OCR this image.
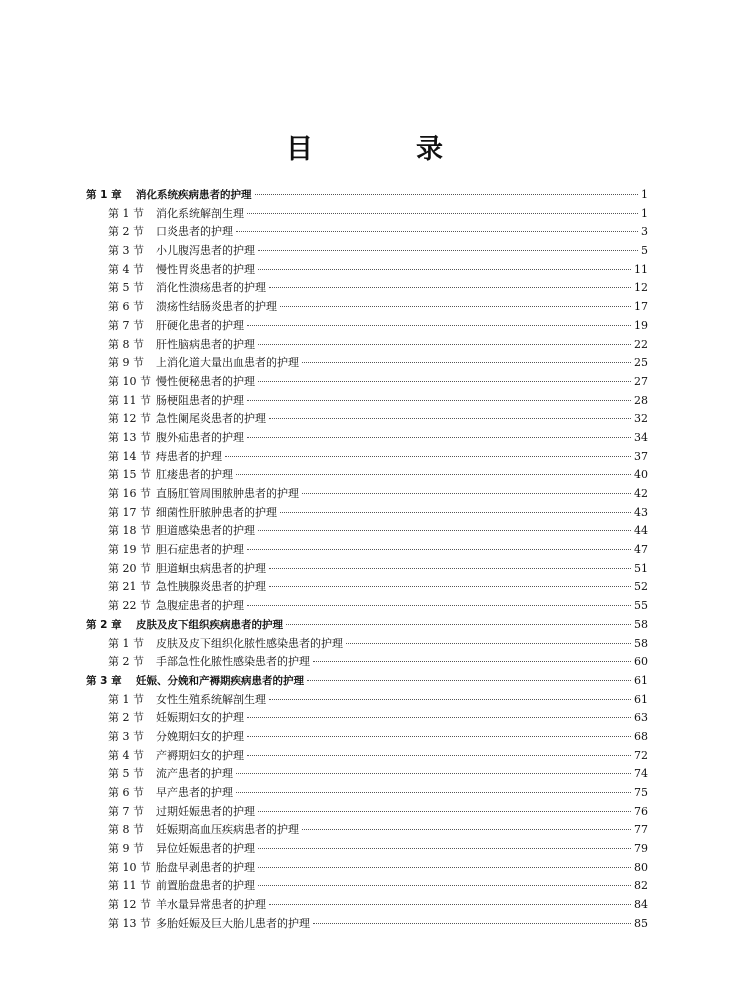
目　录
第 1 章	消化系统疾病患者的护理	1
第 1 节	消化系统解剖生理	1
第 2 节	口炎患者的护理	3
第 3 节	小儿腹泻患者的护理	5
第 4 节	慢性胃炎患者的护理	11
第 5 节	消化性溃疡患者的护理	12
第 6 节	溃疡性结肠炎患者的护理	17
第 7 节	肝硬化患者的护理	19
第 8 节	肝性脑病患者的护理	22
第 9 节	上消化道大量出血患者的护理	25
第 10 节 慢性便秘患者的护理	27
第 11 节 肠梗阻患者的护理	28
第 12 节 急性阑尾炎患者的护理	32
第 13 节 腹外疝患者的护理	34
第 14 节 痔患者的护理	37
第 15 节 肛瘘患者的护理	40
第 16 节 直肠肛管周围脓肿患者的护理	42
第 17 节 细菌性肝脓肿患者的护理	43
第 18 节 胆道感染患者的护理	44
第 19 节 胆石症患者的护理	47
第 20 节 胆道蛔虫病患者的护理	51
第 21 节 急性胰腺炎患者的护理	52
第 22 节 急腹症患者的护理	55
第 2 章	皮肤及皮下组织疾病患者的护理	58
第 1 节	皮肤及皮下组织化脓性感染患者的护理	58
第 2 节	手部急性化脓性感染患者的护理	60
第 3 章	妊娠、分娩和产褥期疾病患者的护理	61
第 1 节	女性生殖系统解剖生理	61
第 2 节	妊娠期妇女的护理	63
第 3 节	分娩期妇女的护理	68
第 4 节	产褥期妇女的护理	72
第 5 节	流产患者的护理	74
第 6 节	早产患者的护理	75
第 7 节	过期妊娠患者的护理	76
第 8 节	妊娠期高血压疾病患者的护理	77
第 9 节	异位妊娠患者的护理	79
第 10 节 胎盘早剥患者的护理	80
第 11 节 前置胎盘患者的护理	82
第 12 节 羊水量异常患者的护理	84
第 13 节 多胎妊娠及巨大胎儿患者的护理	85
